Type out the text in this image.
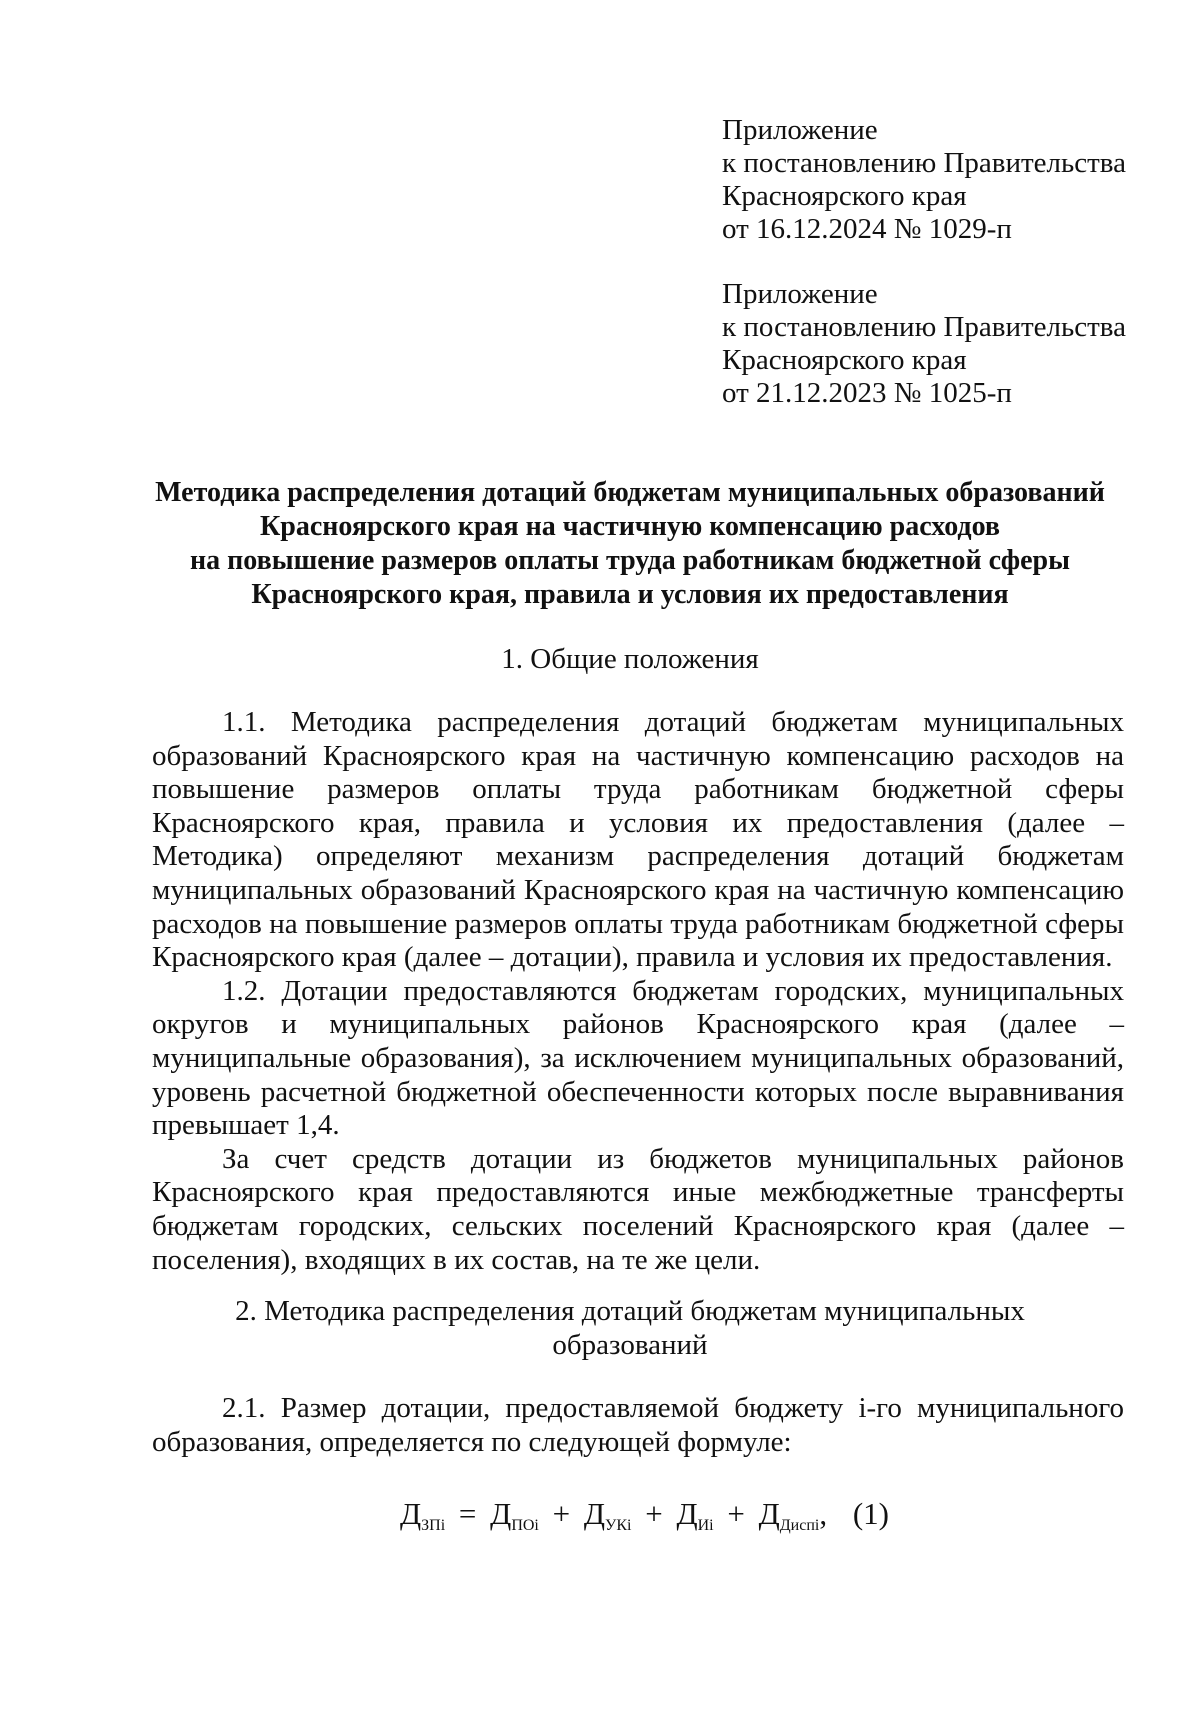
Приложение
к постановлению Правительства
Красноярского края
от 16.12.2024 № 1029-п
Приложение
к постановлению Правительства
Красноярского края
от 21.12.2023 № 1025-п
Методика распределения дотаций бюджетам муниципальных образований
Красноярского края на частичную компенсацию расходов
на повышение размеров оплаты труда работникам бюджетной сферы
Красноярского края, правила и условия их предоставления
1. Общие положения

1.1. Методика распределения дотаций бюджетам муниципальных образований Красноярского края на частичную компенсацию расходов на повышение размеров оплаты труда работникам бюджетной сферы Красноярского края, правила и условия их предоставления (далее – Методика) определяют механизм распределения дотаций бюджетам муниципальных образований Красноярского края на частичную компенсацию расходов на повышение размеров оплаты труда работникам бюджетной сферы Красноярского края (далее – дотации), правила и условия их предоставления.

1.2. Дотации предоставляются бюджетам городских, муниципальных округов и муниципальных районов Красноярского края (далее – муниципальные образования), за исключением муниципальных образований, уровень расчетной бюджетной обеспеченности которых после выравнивания превышает 1,4.

За счет средств дотации из бюджетов муниципальных районов Красноярского края предоставляются иные межбюджетные трансферты бюджетам городских, сельских поселений Красноярского края (далее – поселения), входящих в их состав, на те же цели.

2. Методика распределения дотаций бюджетам муниципальных
образований

2.1. Размер дотации, предоставляемой бюджету i-го муниципального образования, определяется по следующей формуле:

$Д_{ЗПi} = Д_{ПОi} + Д_{УКi} + Д_{Иi} + Д_{Диспi}$, (1)
